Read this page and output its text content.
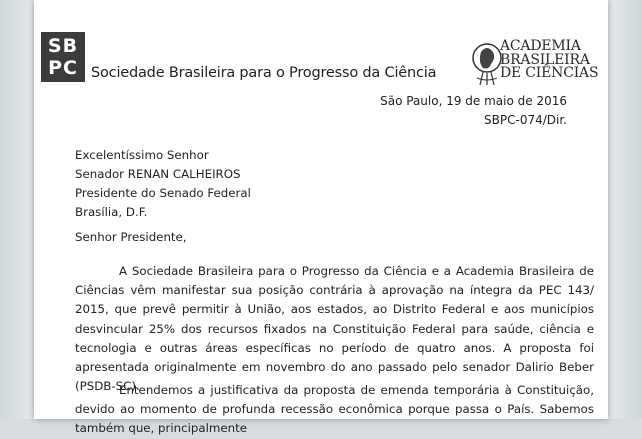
SB
PC Sociedade Brasileira para o Progresso da Ciência
ACADEMIA
BRASILEIRA
DE CIÊNCIAS
São Paulo, 19 de maio de 2016
SBPC-074/Dir.
Excelentíssimo Senhor
Senador RENAN CALHEIROS
Presidente do Senado Federal
Brasília, D.F.
Senhor Presidente,
A Sociedade Brasileira para o Progresso da Ciência e a Academia Brasileira de Ciências vêm manifestar sua posição contrária à aprovação na íntegra da PEC 143/ 2015, que prevê permitir à União, aos estados, ao Distrito Federal e aos municípios desvincular 25% dos recursos fixados na Constituição Federal para saúde, ciência e tecnologia e outras áreas específicas no período de quatro anos. A proposta foi apresentada originalmente em novembro do ano passado pelo senador Dalirio Beber (PSDB-SC).
Entendemos a justificativa da proposta de emenda temporária à Constituição, devido ao momento de profunda recessão econômica porque passa o País. Sabemos também que, principalmente
